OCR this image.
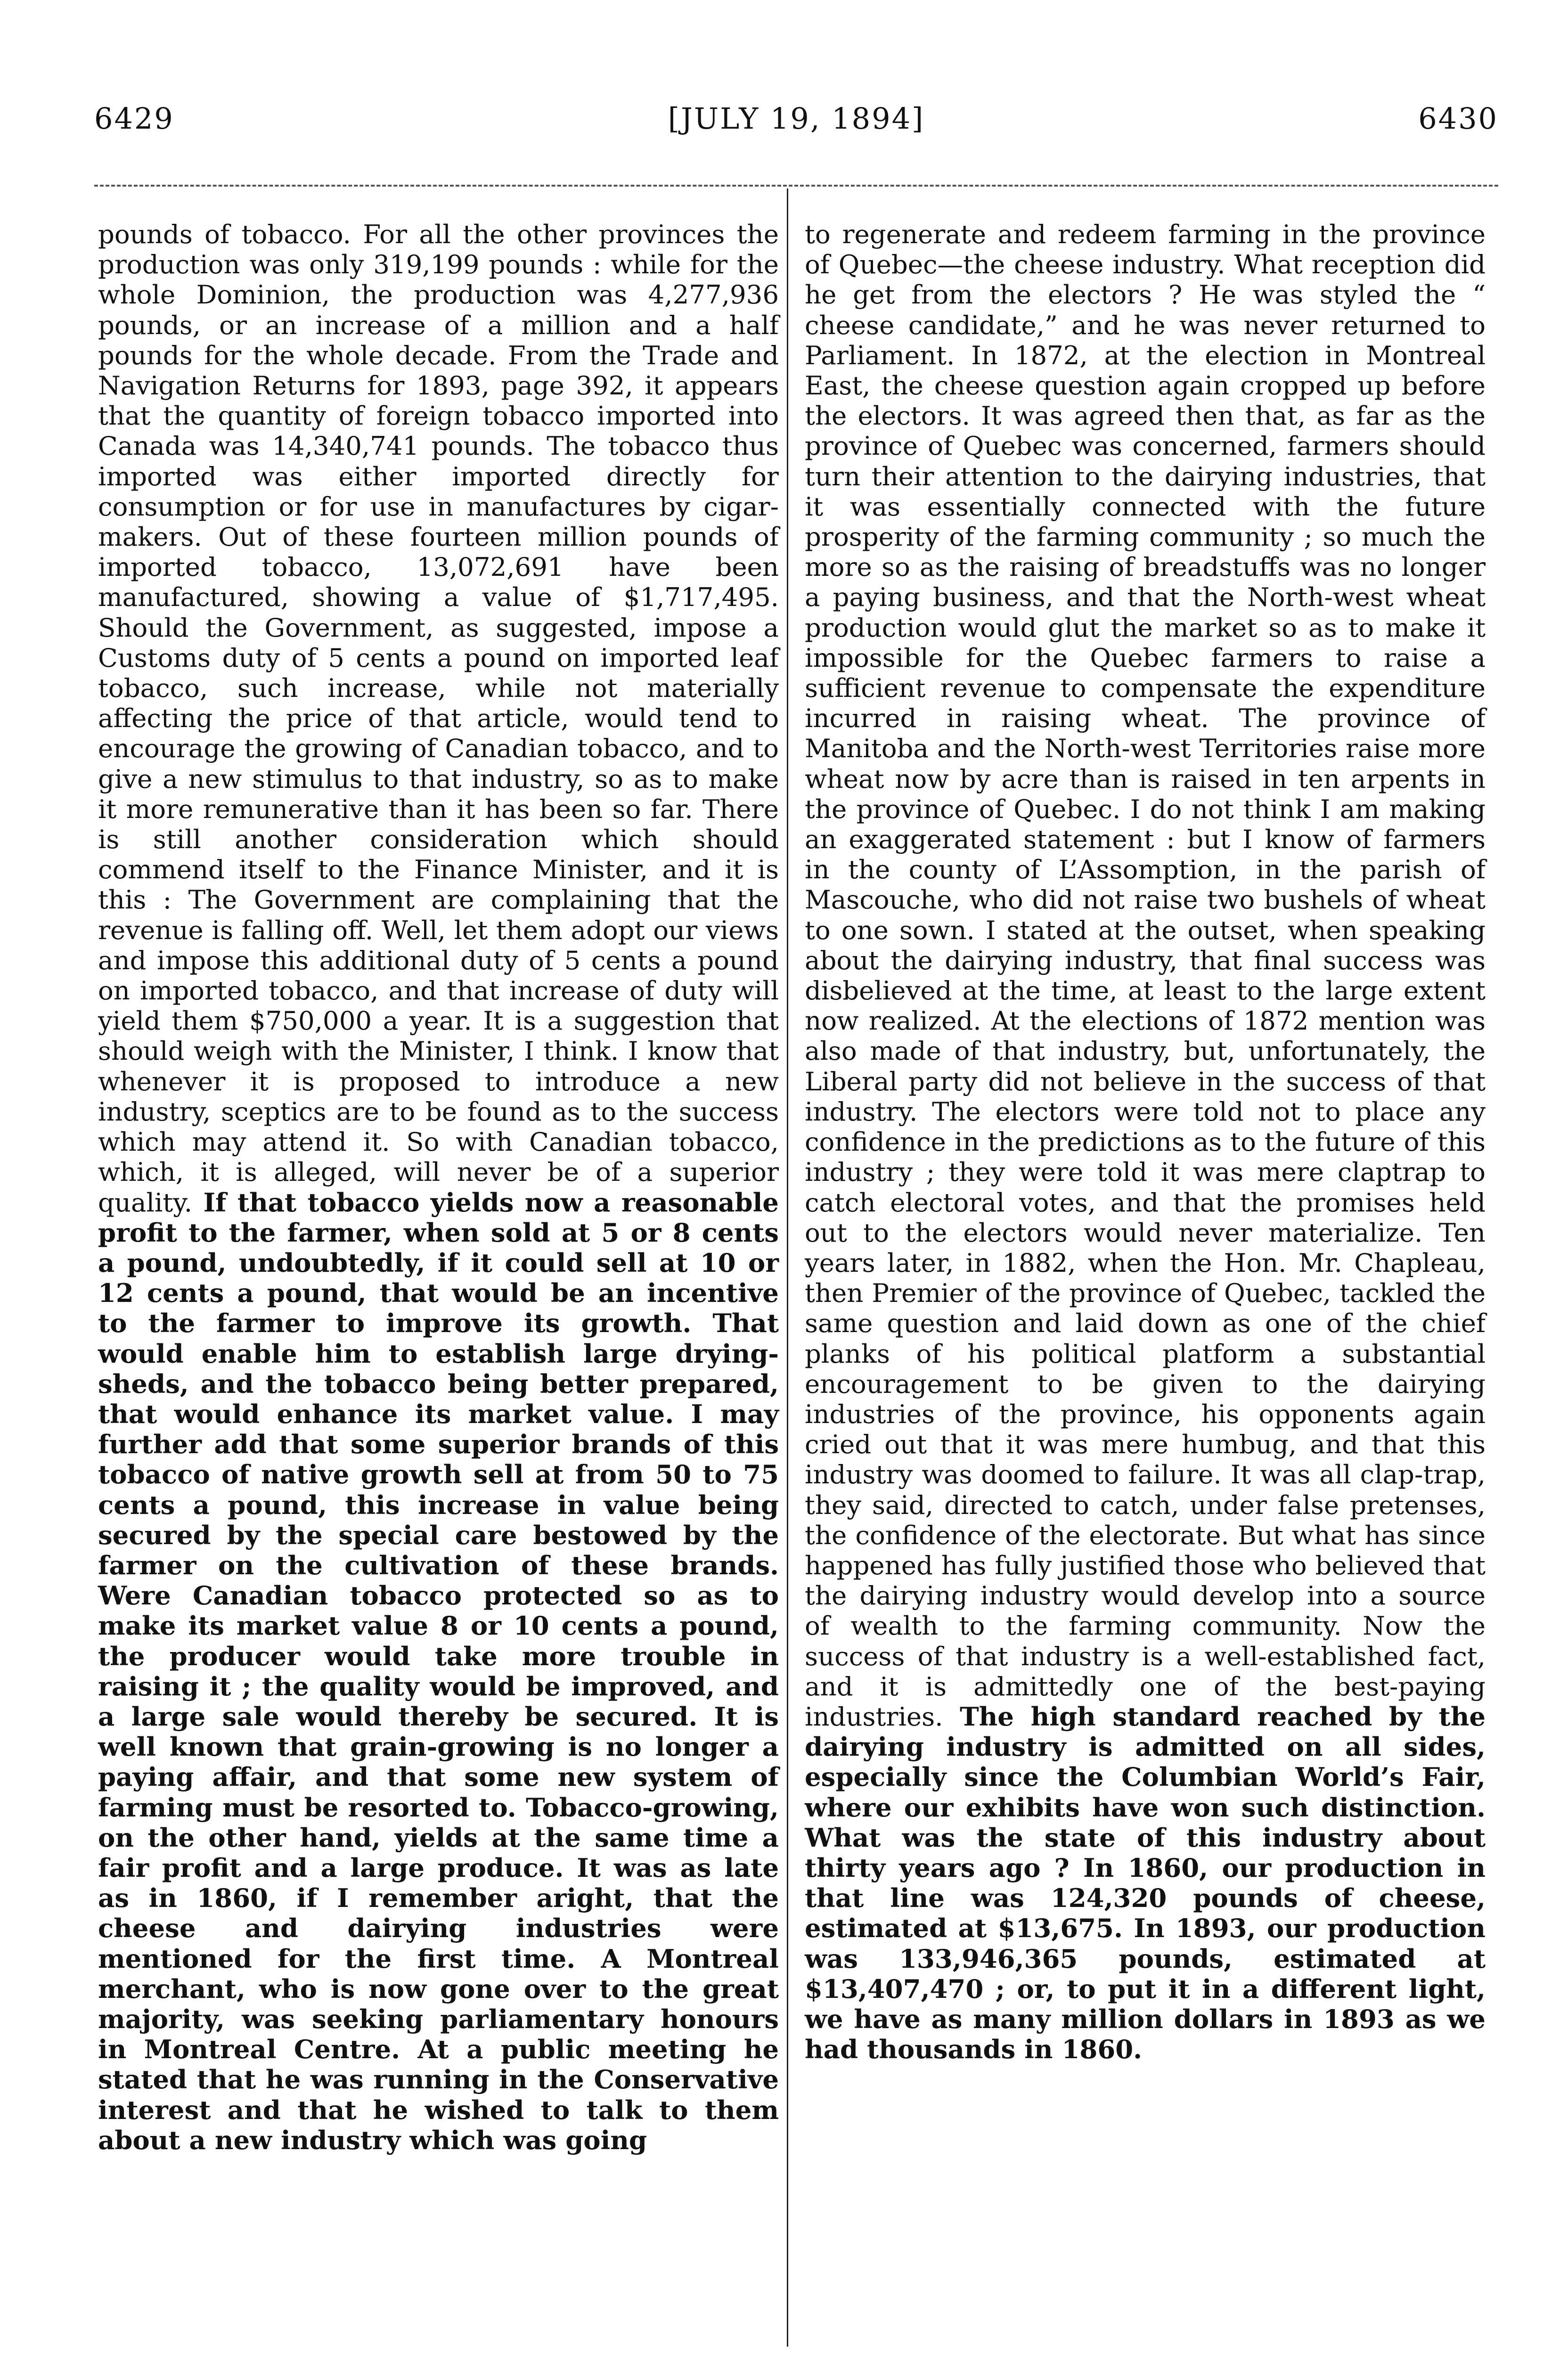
6429	[JULY 19, 1894]	6430

pounds of tobacco. For all the other provinces the production was only 319,199 pounds : while for the whole Dominion, the production was 4,277,936 pounds, or an increase of a million and a half pounds for the whole decade. From the Trade and Navigation Returns for 1893, page 392, it appears that the quantity of foreign tobacco imported into Canada was 14,340,741 pounds. The tobacco thus imported was either imported directly for consumption or for use in manufactures by cigar-makers. Out of these fourteen million pounds of imported tobacco, 13,072,691 have been manufactured, showing a value of $1,717,495. Should the Government, as suggested, impose a Customs duty of 5 cents a pound on imported leaf tobacco, such increase, while not materially affecting the price of that article, would tend to encourage the growing of Canadian tobacco, and to give a new stimulus to that industry, so as to make it more remunerative than it has been so far. There is still another consideration which should commend itself to the Finance Minister, and it is this : The Government are complaining that the revenue is falling off. Well, let them adopt our views and impose this additional duty of 5 cents a pound on imported tobacco, and that increase of duty will yield them $750,000 a year. It is a suggestion that should weigh with the Minister, I think. I know that whenever it is proposed to introduce a new industry, sceptics are to be found as to the success which may attend it. So with Canadian tobacco, which, it is alleged, will never be of a superior quality. If that tobacco yields now a reasonable profit to the farmer, when sold at 5 or 8 cents a pound, undoubtedly, if it could sell at 10 or 12 cents a pound, that would be an incentive to the farmer to improve its growth. That would enable him to establish large drying-sheds, and the tobacco being better prepared, that would enhance its market value. I may further add that some superior brands of this tobacco of native growth sell at from 50 to 75 cents a pound, this increase in value being secured by the special care bestowed by the farmer on the cultivation of these brands. Were Canadian tobacco protected so as to make its market value 8 or 10 cents a pound, the producer would take more trouble in raising it ; the quality would be improved, and a large sale would thereby be secured. It is well known that grain-growing is no longer a paying affair, and that some new system of farming must be resorted to. Tobacco-growing, on the other hand, yields at the same time a fair profit and a large produce. It was as late as in 1860, if I remember aright, that the cheese and dairying industries were mentioned for the first time. A Montreal merchant, who is now gone over to the great majority, was seeking parliamentary honours in Montreal Centre. At a public meeting he stated that he was running in the Conservative interest and that he wished to talk to them about a new industry which was going

to regenerate and redeem farming in the province of Quebec—the cheese industry. What reception did he get from the electors ? He was styled the “ cheese candidate,” and he was never returned to Parliament. In 1872, at the election in Montreal East, the cheese question again cropped up before the electors. It was agreed then that, as far as the province of Quebec was concerned, farmers should turn their attention to the dairying industries, that it was essentially connected with the future prosperity of the farming community ; so much the more so as the raising of breadstuffs was no longer a paying business, and that the North-west wheat production would glut the market so as to make it impossible for the Quebec farmers to raise a sufficient revenue to compensate the expenditure incurred in raising wheat. The province of Manitoba and the North-west Territories raise more wheat now by acre than is raised in ten arpents in the province of Quebec. I do not think I am making an exaggerated statement : but I know of farmers in the county of L’Assomption, in the parish of Mascouche, who did not raise two bushels of wheat to one sown. I stated at the outset, when speaking about the dairying industry, that final success was disbelieved at the time, at least to the large extent now realized. At the elections of 1872 mention was also made of that industry, but, unfortunately, the Liberal party did not believe in the success of that industry. The electors were told not to place any confidence in the predictions as to the future of this industry ; they were told it was mere claptrap to catch electoral votes, and that the promises held out to the electors would never materialize. Ten years later, in 1882, when the Hon. Mr. Chapleau, then Premier of the province of Quebec, tackled the same question and laid down as one of the chief planks of his political platform a substantial encouragement to be given to the dairying industries of the province, his opponents again cried out that it was mere humbug, and that this industry was doomed to failure. It was all clap-trap, they said, directed to catch, under false pretenses, the confidence of the electorate. But what has since happened has fully justified those who believed that the dairying industry would develop into a source of wealth to the farming community. Now the success of that industry is a well-established fact, and it is admittedly one of the best-paying industries. The high standard reached by the dairying industry is admitted on all sides, especially since the Columbian World’s Fair, where our exhibits have won such distinction. What was the state of this industry about thirty years ago ? In 1860, our production in that line was 124,320 pounds of cheese, estimated at $13,675. In 1893, our production was 133,946,365 pounds, estimated at $13,407,470 ; or, to put it in a different light, we have as many million dollars in 1893 as we had thousands in 1860.
